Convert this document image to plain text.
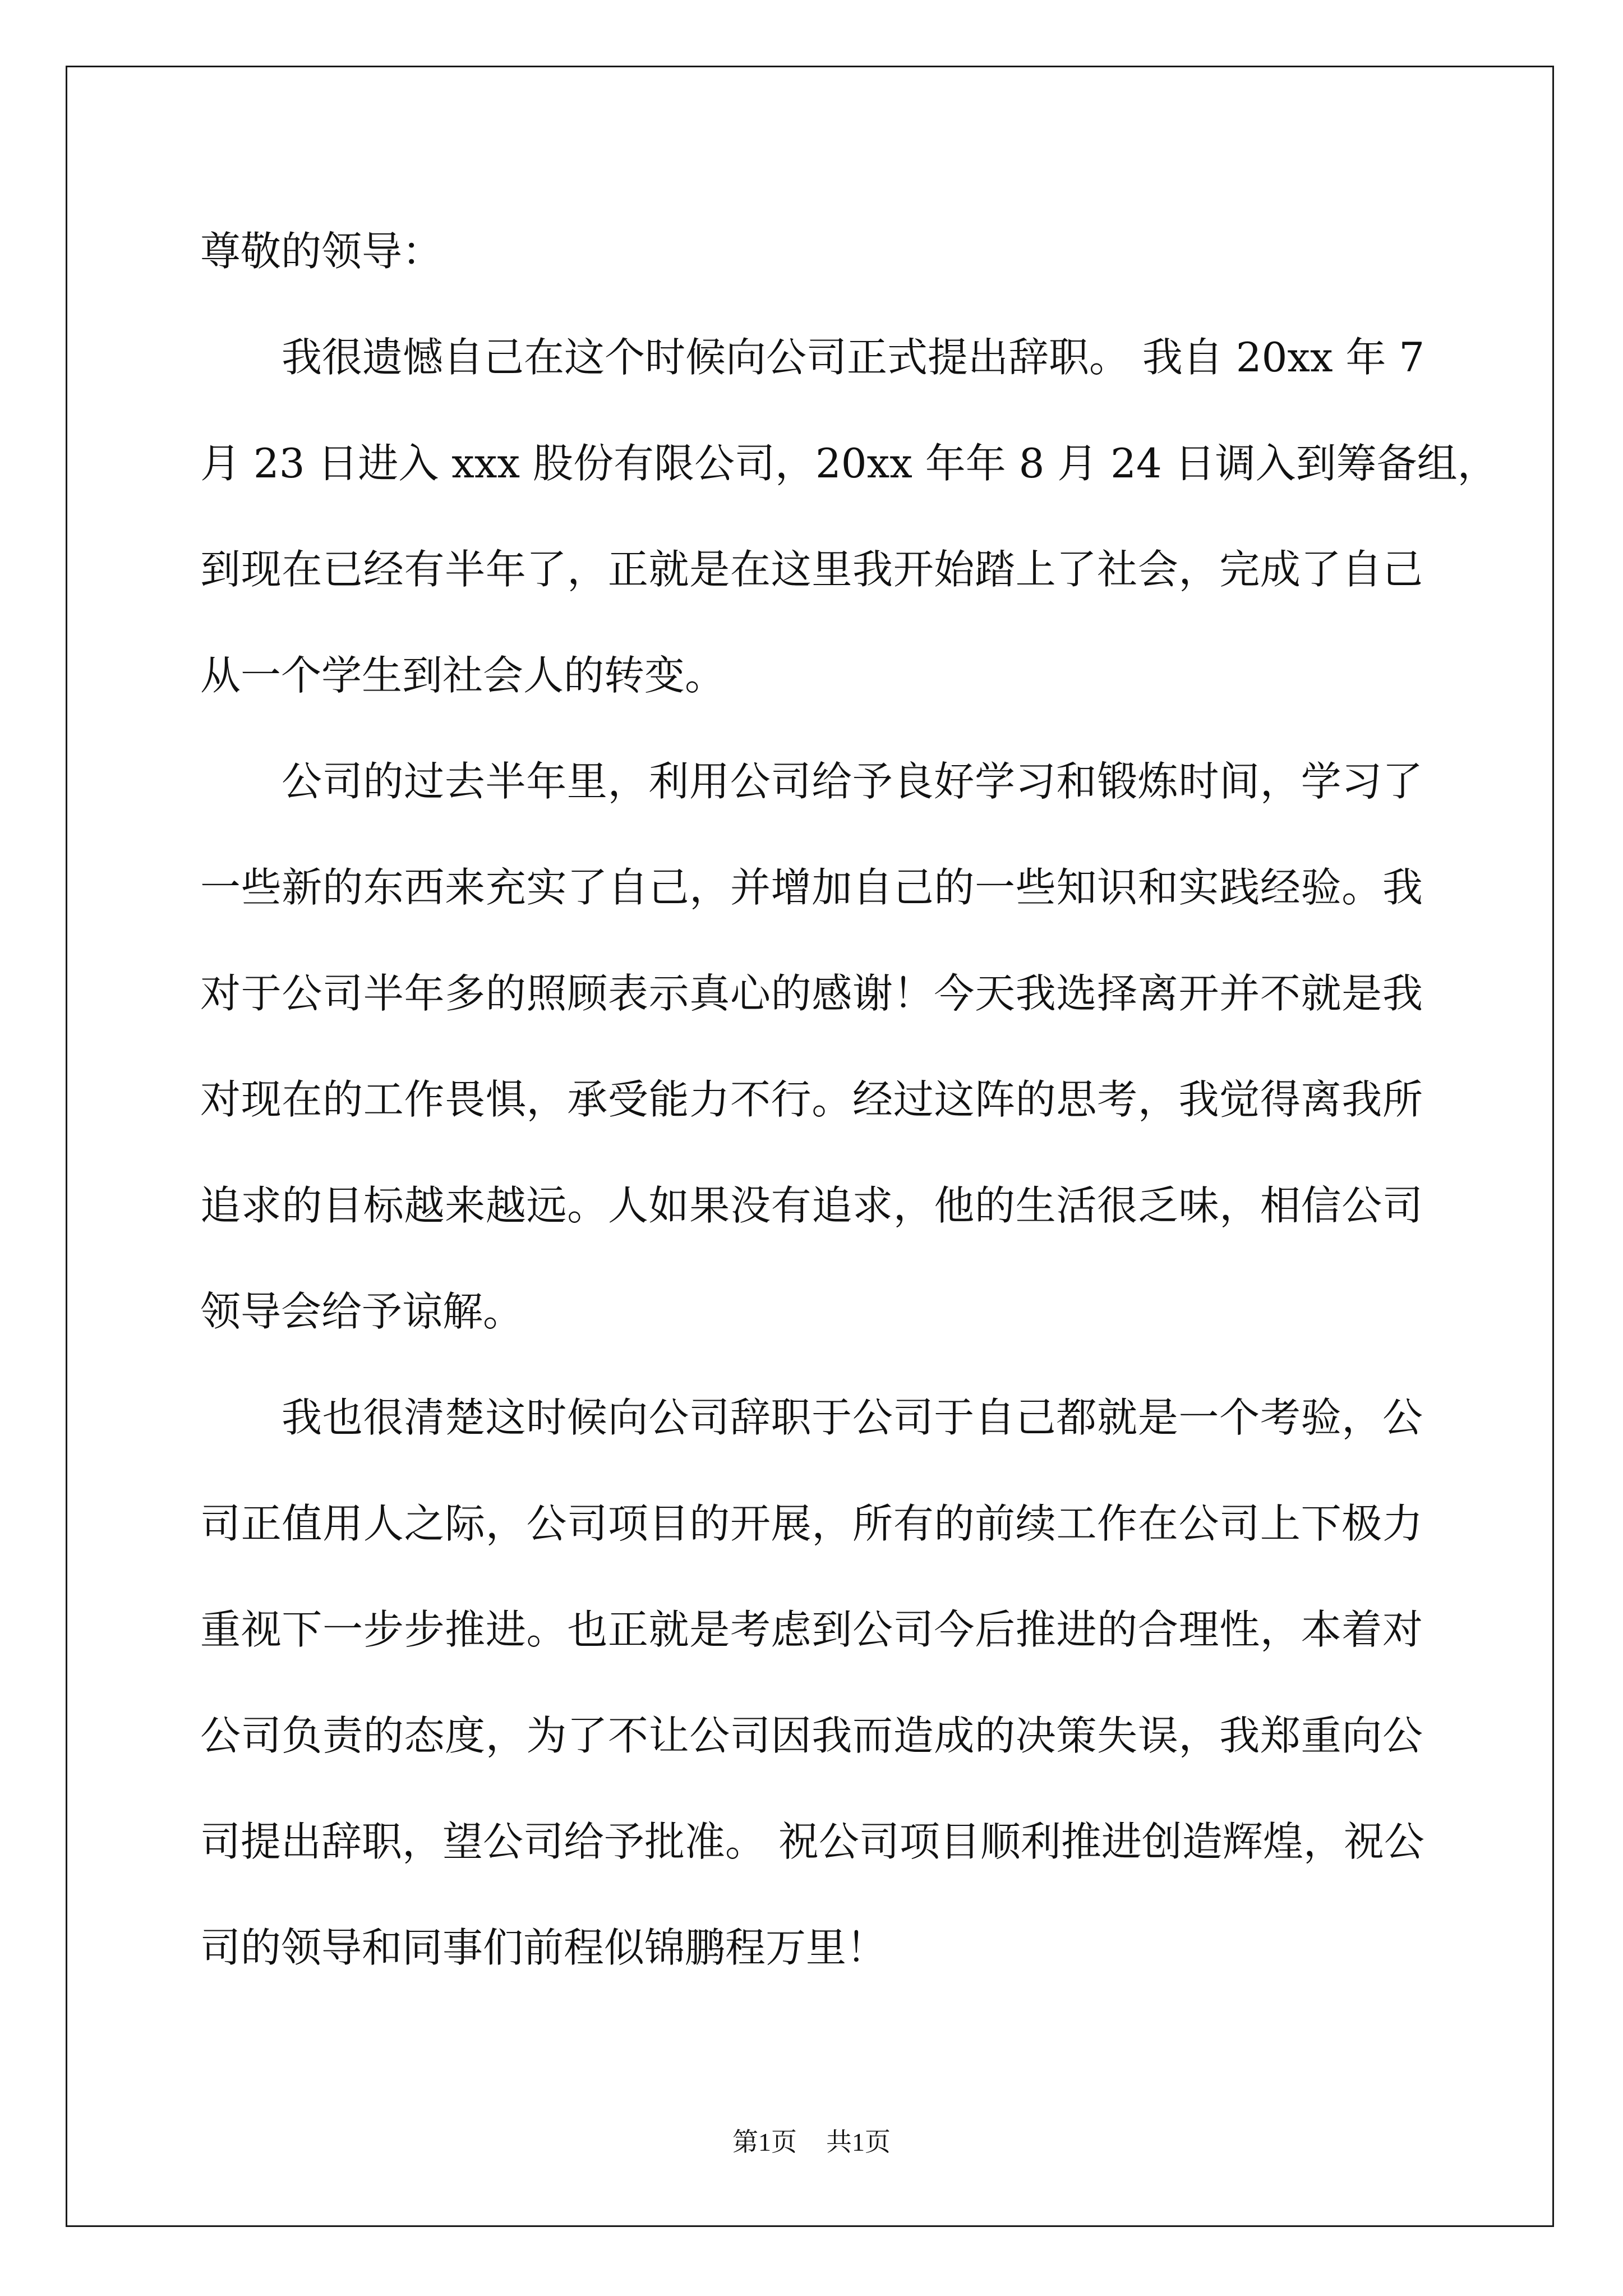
尊敬的领导：
我很遗憾自己在这个时候向公司正式提出辞职。 我自 20xx 年 7
月 23 日进入 xxx 股份有限公司，20xx 年年 8 月 24 日调入到筹备组，
到现在已经有半年了，正就是在这里我开始踏上了社会，完成了自己
从一个学生到社会人的转变。
公司的过去半年里，利用公司给予良好学习和锻炼时间，学习了
一些新的东西来充实了自己，并增加自己的一些知识和实践经验。我
对于公司半年多的照顾表示真心的感谢！今天我选择离开并不就是我
对现在的工作畏惧，承受能力不行。经过这阵的思考，我觉得离我所
追求的目标越来越远。人如果没有追求，他的生活很乏味，相信公司
领导会给予谅解。
我也很清楚这时候向公司辞职于公司于自己都就是一个考验，公
司正值用人之际，公司项目的开展，所有的前续工作在公司上下极力
重视下一步步推进。也正就是考虑到公司今后推进的合理性，本着对
公司负责的态度，为了不让公司因我而造成的决策失误，我郑重向公
司提出辞职，望公司给予批准。 祝公司项目顺利推进创造辉煌，祝公
司的领导和同事们前程似锦鹏程万里！
第1页 共1页
